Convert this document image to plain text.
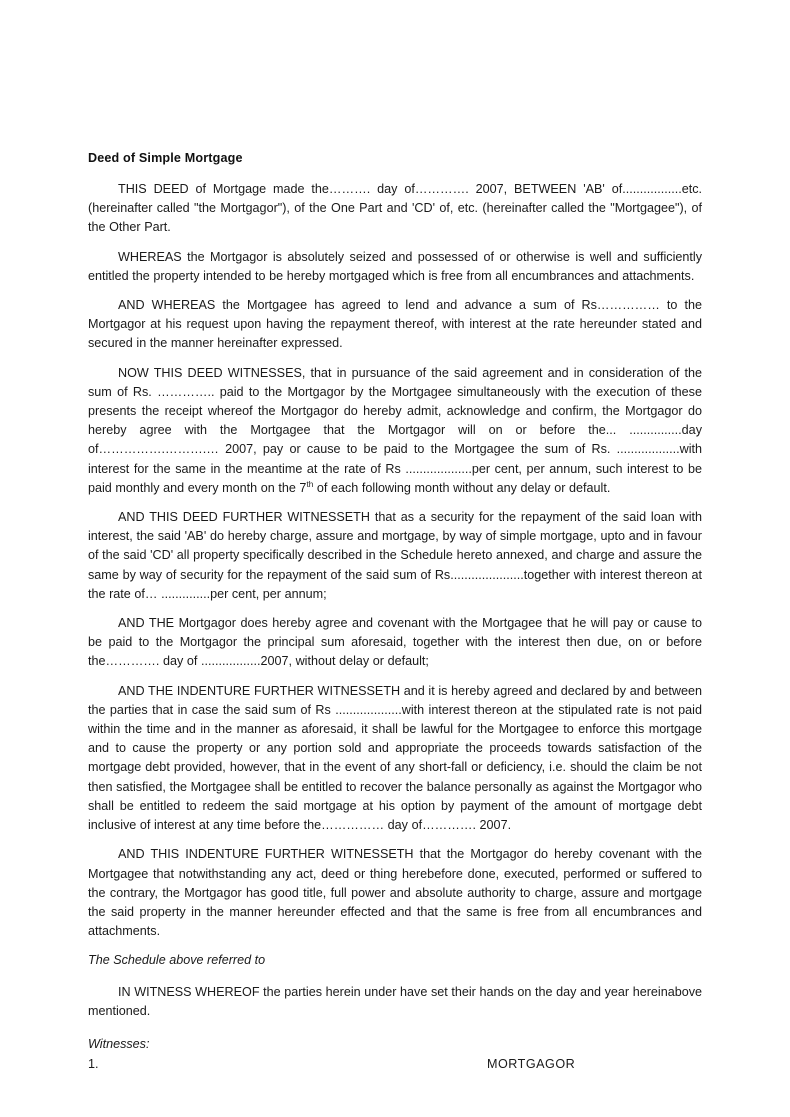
Deed of Simple Mortgage

THIS DEED of Mortgage made the………. day of…………. 2007, BETWEEN 'AB' of.................etc. (hereinafter called "the Mortgagor"), of the One Part and 'CD' of, etc. (hereinafter called the "Mortgagee"), of the Other Part.

WHEREAS the Mortgagor is absolutely seized and possessed of or otherwise is well and sufficiently entitled the property intended to be hereby mortgaged which is free from all encumbrances and attachments.

AND WHEREAS the Mortgagee has agreed to lend and advance a sum of Rs…………… to the Mortgagor at his request upon having the repayment thereof, with interest at the rate hereunder stated and secured in the manner hereinafter expressed.

NOW THIS DEED WITNESSES, that in pursuance of the said agreement and in consideration of the sum of Rs. ………….. paid to the Mortgagor by the Mortgagee simultaneously with the execution of these presents the receipt whereof the Mortgagor do hereby admit, acknowledge and confirm, the Mortgagor do hereby agree with the Mortgagee that the Mortgagor will on or before the... ...............day of…………….……….… 2007, pay or cause to be paid to the Mortgagee the sum of Rs. ..................with interest for the same in the meantime at the rate of Rs ...................per cent, per annum, such interest to be paid monthly and every month on the 7th of each following month without any delay or default.

AND THIS DEED FURTHER WITNESSETH that as a security for the repayment of the said loan with interest, the said 'AB' do hereby charge, assure and mortgage, by way of simple mortgage, upto and in favour of the said 'CD' all property specifically described in the Schedule hereto annexed, and charge and assure the same by way of security for the repayment of the said sum of Rs.....................together with interest thereon at the rate of… ..............per cent, per annum;

AND THE Mortgagor does hereby agree and covenant with the Mortgagee that he will pay or cause to be paid to the Mortgagor the principal sum aforesaid, together with the interest then due, on or before the…………. day of .................2007, without delay or default;

AND THE INDENTURE FURTHER WITNESSETH and it is hereby agreed and declared by and between the parties that in case the said sum of Rs ...................with interest thereon at the stipulated rate is not paid within the time and in the manner as aforesaid, it shall be lawful for the Mortgagee to enforce this mortgage and to cause the property or any portion sold and appropriate the proceeds towards satisfaction of the mortgage debt provided, however, that in the event of any short-fall or deficiency, i.e. should the claim be not then satisfied, the Mortgagee shall be entitled to recover the balance personally as against the Mortgagor who shall be entitled to redeem the said mortgage at his option by payment of the amount of mortgage debt inclusive of interest at any time before the…………… day of…………. 2007.

AND THIS INDENTURE FURTHER WITNESSETH that the Mortgagor do hereby covenant with the Mortgagee that notwithstanding any act, deed or thing herebefore done, executed, performed or suffered to the contrary, the Mortgagor has good title, full power and absolute authority to charge, assure and mortgage the said property in the manner hereunder effected and that the same is free from all encumbrances and attachments.

The Schedule above referred to

IN WITNESS WHEREOF the parties herein under have set their hands on the day and year hereinabove mentioned.

Witnesses:

1.	MORTGAGOR
